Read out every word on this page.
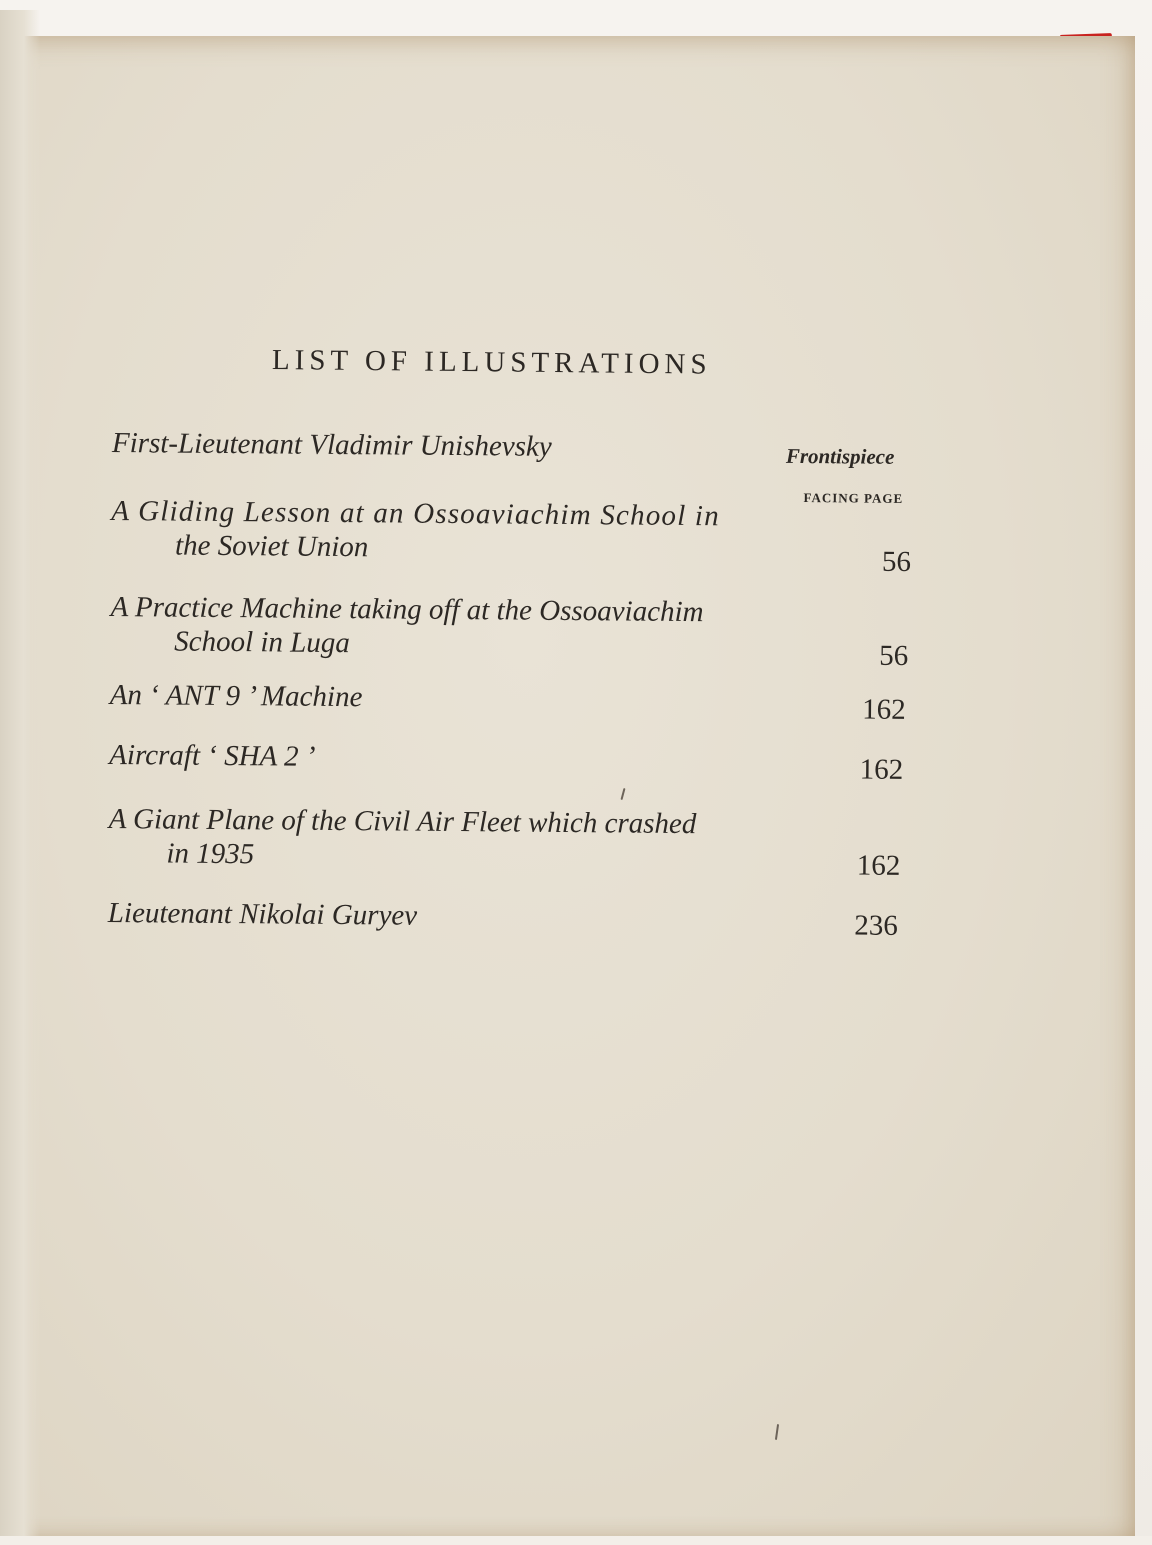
LIST OF ILLUSTRATIONS
First-Lieutenant Vladimir Unishevsky	Frontispiece
FACING PAGE
A Gliding Lesson at an Ossoaviachim School in
the Soviet Union	56
A Practice Machine taking off at the Ossoaviachim
School in Luga	56
An ‘ ANT 9 ’ Machine	162
Aircraft ‘ SHA 2 ’	162
A Giant Plane of the Civil Air Fleet which crashed
in 1935	162
Lieutenant Nikolai Guryev	236
